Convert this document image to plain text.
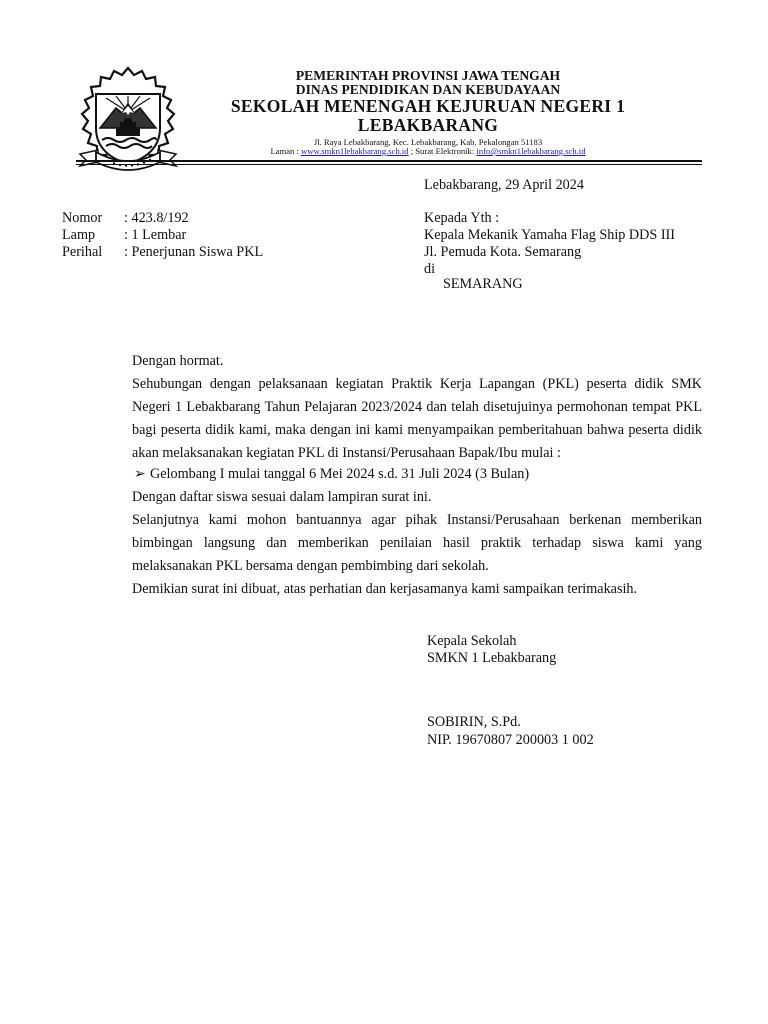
PEMERINTAH PROVINSI JAWA TENGAH
DINAS PENDIDIKAN DAN KEBUDAYAAN
SEKOLAH MENENGAH KEJURUAN NEGERI 1
LEBAKBARANG
Jl. Raya Lebakbarang, Kec. Lebakbarang, Kab. Pekalongan 51183
Laman : www.smkn1lebakbarang.sch.id ; Surat Elektronik: info@smkn1lebakbarang.sch.id
Lebakbarang, 29 April 2024
Nomor : 423.8/192
Lamp : 1 Lembar
Perihal : Penerjunan Siswa PKL
Kepada Yth :
Kepala Mekanik Yamaha Flag Ship DDS III
Jl. Pemuda Kota. Semarang
di
SEMARANG
Dengan hormat.
Sehubungan dengan pelaksanaan kegiatan Praktik Kerja Lapangan (PKL) peserta didik SMK Negeri 1 Lebakbarang Tahun Pelajaran 2023/2024 dan telah disetujuinya permohonan tempat PKL bagi peserta didik kami, maka dengan ini kami menyampaikan pemberitahuan bahwa peserta didik akan melaksanakan kegiatan PKL di Instansi/Perusahaan Bapak/Ibu mulai :
➢ Gelombang I mulai tanggal 6 Mei 2024 s.d. 31 Juli 2024 (3 Bulan)
Dengan daftar siswa sesuai dalam lampiran surat ini.
Selanjutnya kami mohon bantuannya agar pihak Instansi/Perusahaan berkenan memberikan bimbingan langsung dan memberikan penilaian hasil praktik terhadap siswa kami yang melaksanakan PKL bersama dengan pembimbing dari sekolah.
Demikian surat ini dibuat, atas perhatian dan kerjasamanya kami sampaikan terimakasih.
Kepala Sekolah
SMKN 1 Lebakbarang
SOBIRIN, S.Pd.
NIP. 19670807 200003 1 002
